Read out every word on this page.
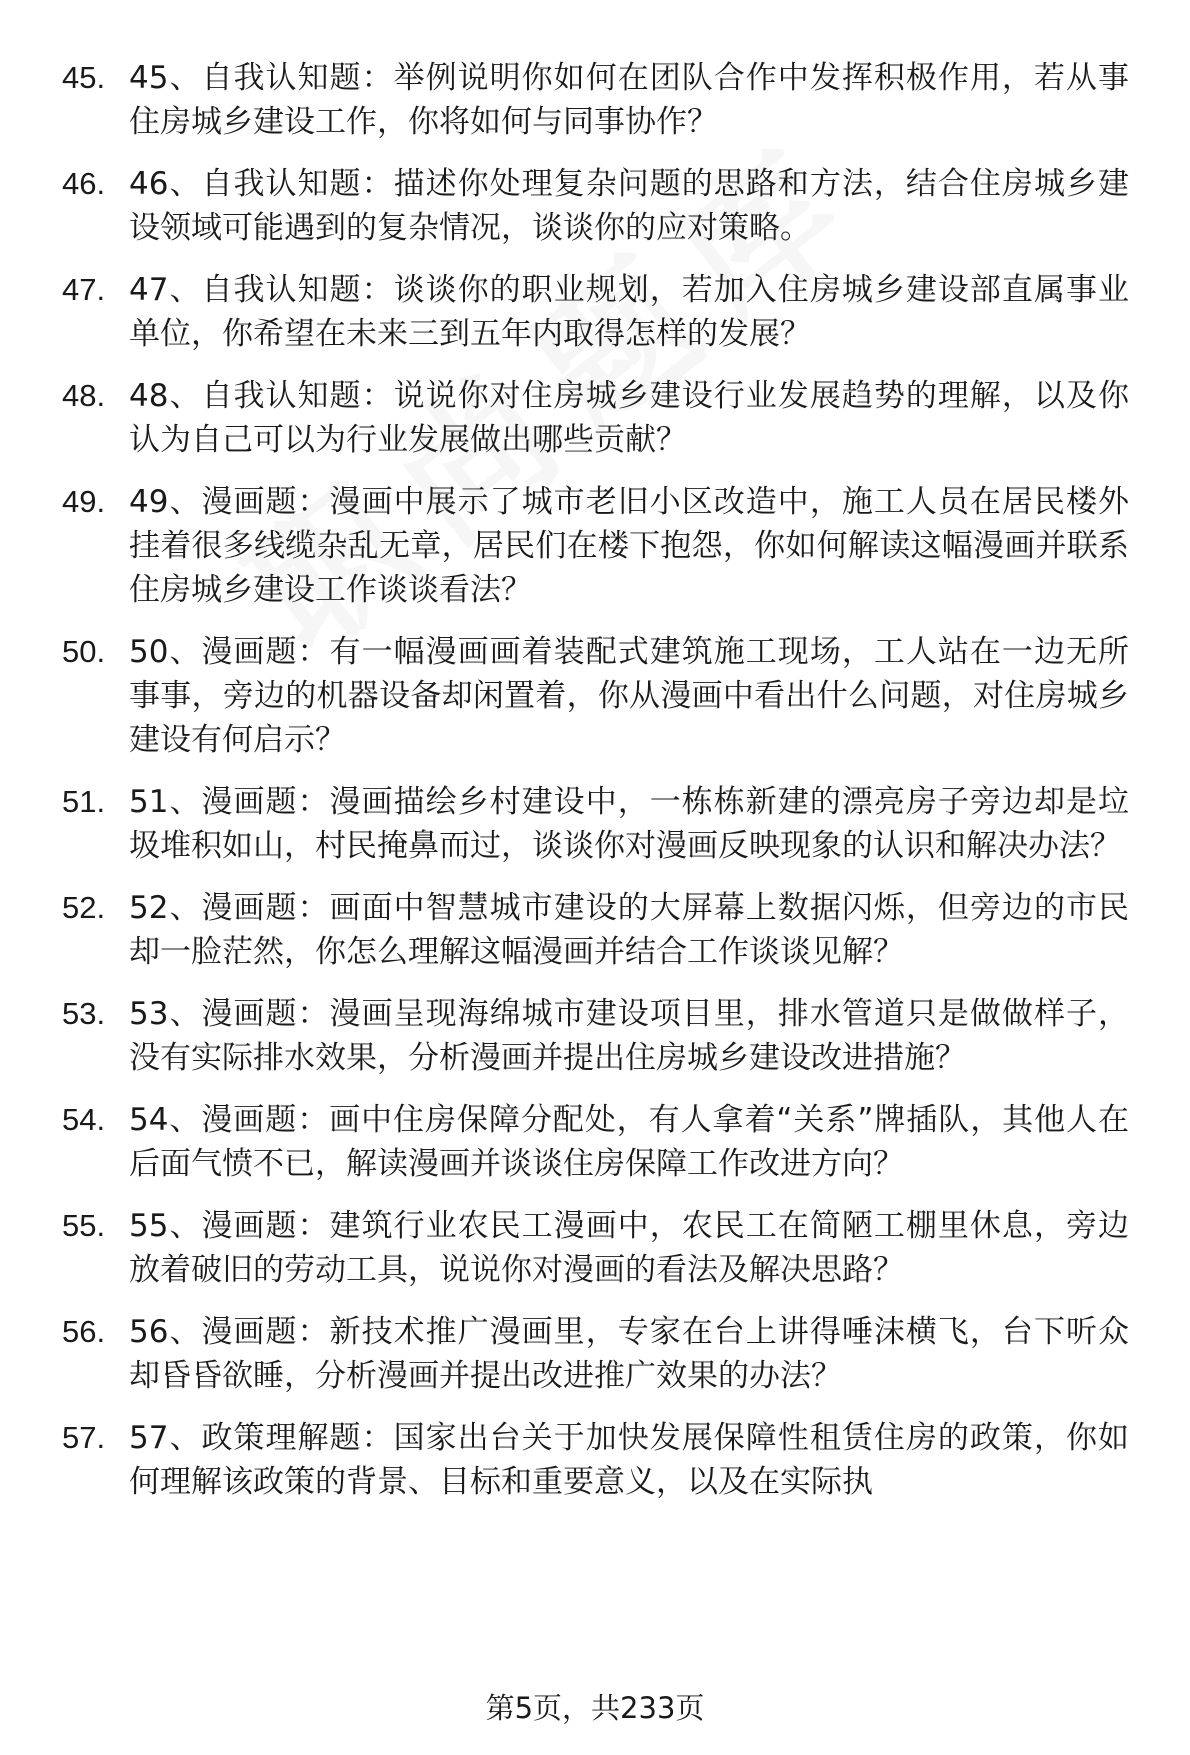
45. 45、自我认知题：举例说明你如何在团队合作中发挥积极作用，若从事住房城乡建设工作，你将如何与同事协作？
46. 46、自我认知题：描述你处理复杂问题的思路和方法，结合住房城乡建设领域可能遇到的复杂情况，谈谈你的应对策略。
47. 47、自我认知题：谈谈你的职业规划，若加入住房城乡建设部直属事业单位，你希望在未来三到五年内取得怎样的发展？
48. 48、自我认知题：说说你对住房城乡建设行业发展趋势的理解，以及你认为自己可以为行业发展做出哪些贡献？
49. 49、漫画题：漫画中展示了城市老旧小区改造中，施工人员在居民楼外挂着很多线缆杂乱无章，居民们在楼下抱怨，你如何解读这幅漫画并联系住房城乡建设工作谈谈看法？
50. 50、漫画题：有一幅漫画画着装配式建筑施工现场，工人站在一边无所事事，旁边的机器设备却闲置着，你从漫画中看出什么问题，对住房城乡建设有何启示？
51. 51、漫画题：漫画描绘乡村建设中，一栋栋新建的漂亮房子旁边却是垃圾堆积如山，村民掩鼻而过，谈谈你对漫画反映现象的认识和解决办法？
52. 52、漫画题：画面中智慧城市建设的大屏幕上数据闪烁，但旁边的市民却一脸茫然，你怎么理解这幅漫画并结合工作谈谈见解？
53. 53、漫画题：漫画呈现海绵城市建设项目里，排水管道只是做做样子，没有实际排水效果，分析漫画并提出住房城乡建设改进措施？
54. 54、漫画题：画中住房保障分配处，有人拿着“关系”牌插队，其他人在后面气愤不已，解读漫画并谈谈住房保障工作改进方向？
55. 55、漫画题：建筑行业农民工漫画中，农民工在简陋工棚里休息，旁边放着破旧的劳动工具，说说你对漫画的看法及解决思路？
56. 56、漫画题：新技术推广漫画里，专家在台上讲得唾沫横飞，台下听众却昏昏欲睡，分析漫画并提出改进推广效果的办法？
57. 57、政策理解题：国家出台关于加快发展保障性租赁住房的政策，你如何理解该政策的背景、目标和重要意义，以及在实际执
第5页，共233页
